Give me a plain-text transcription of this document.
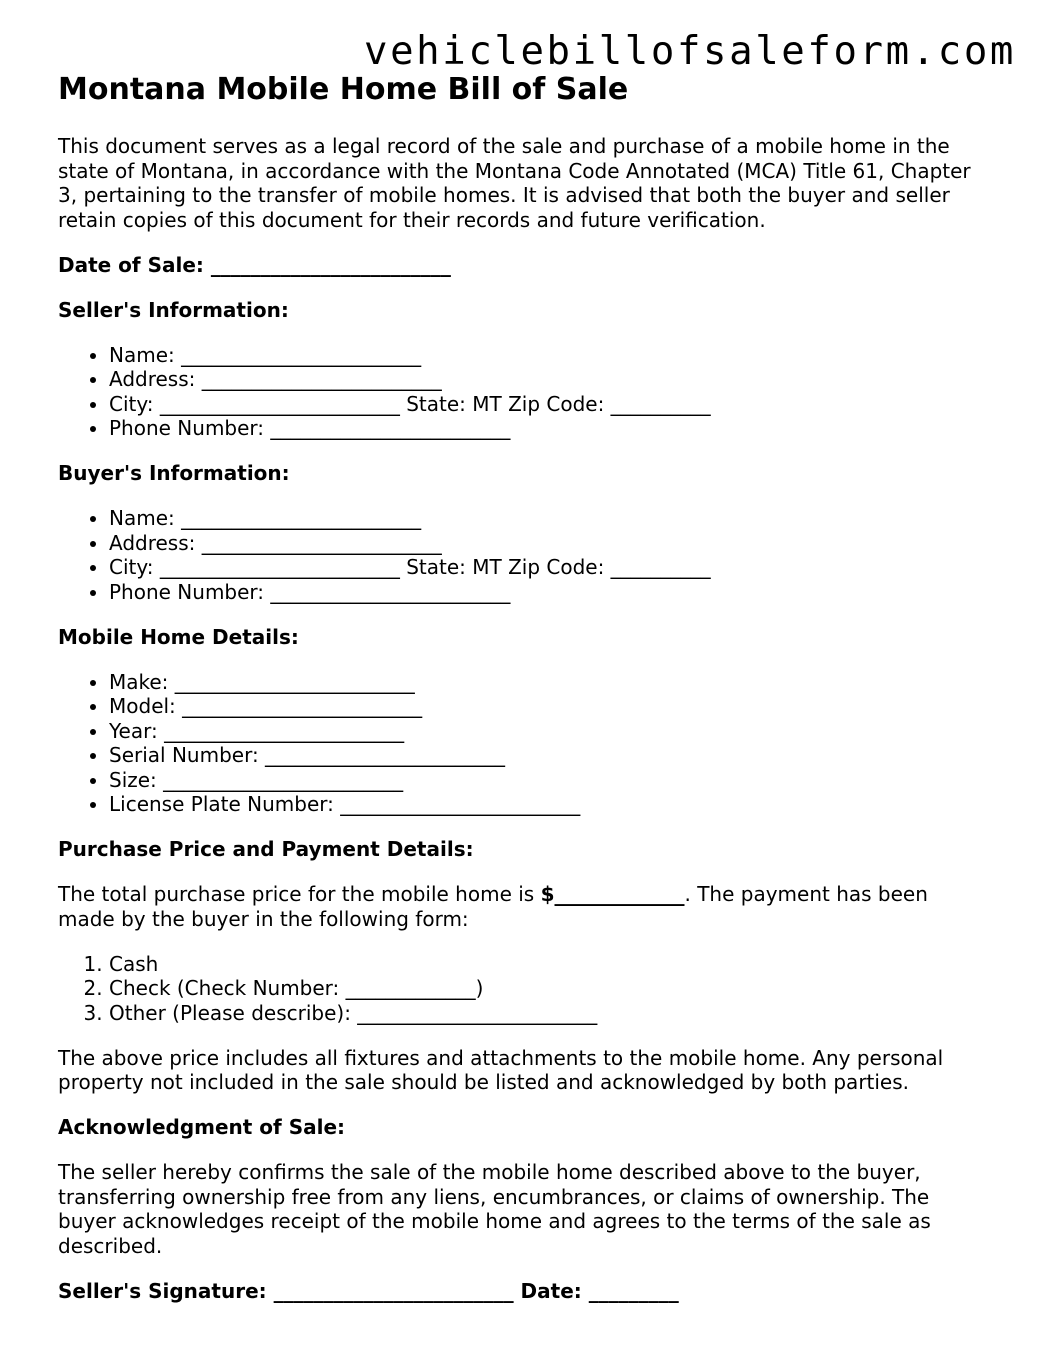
vehiclebillofsaleform.com
Montana Mobile Home Bill of Sale

This document serves as a legal record of the sale and purchase of a mobile home in the state of Montana, in accordance with the Montana Code Annotated (MCA) Title 61, Chapter 3, pertaining to the transfer of mobile homes. It is advised that both the buyer and seller retain copies of this document for their records and future verification.

Date of Sale: ________________________

Seller's Information:

• Name: ________________________
• Address: ________________________
• City: ________________________ State: MT Zip Code: __________
• Phone Number: ________________________

Buyer's Information:

• Name: ________________________
• Address: ________________________
• City: ________________________ State: MT Zip Code: __________
• Phone Number: ________________________

Mobile Home Details:

• Make: ________________________
• Model: ________________________
• Year: ________________________
• Serial Number: ________________________
• Size: ________________________
• License Plate Number: ________________________

Purchase Price and Payment Details:

The total purchase price for the mobile home is $_____________. The payment has been made by the buyer in the following form:

1. Cash
2. Check (Check Number: _____________)
3. Other (Please describe): ________________________

The above price includes all fixtures and attachments to the mobile home. Any personal property not included in the sale should be listed and acknowledged by both parties.

Acknowledgment of Sale:

The seller hereby confirms the sale of the mobile home described above to the buyer, transferring ownership free from any liens, encumbrances, or claims of ownership. The buyer acknowledges receipt of the mobile home and agrees to the terms of the sale as described.

Seller's Signature: ________________________ Date: _________
